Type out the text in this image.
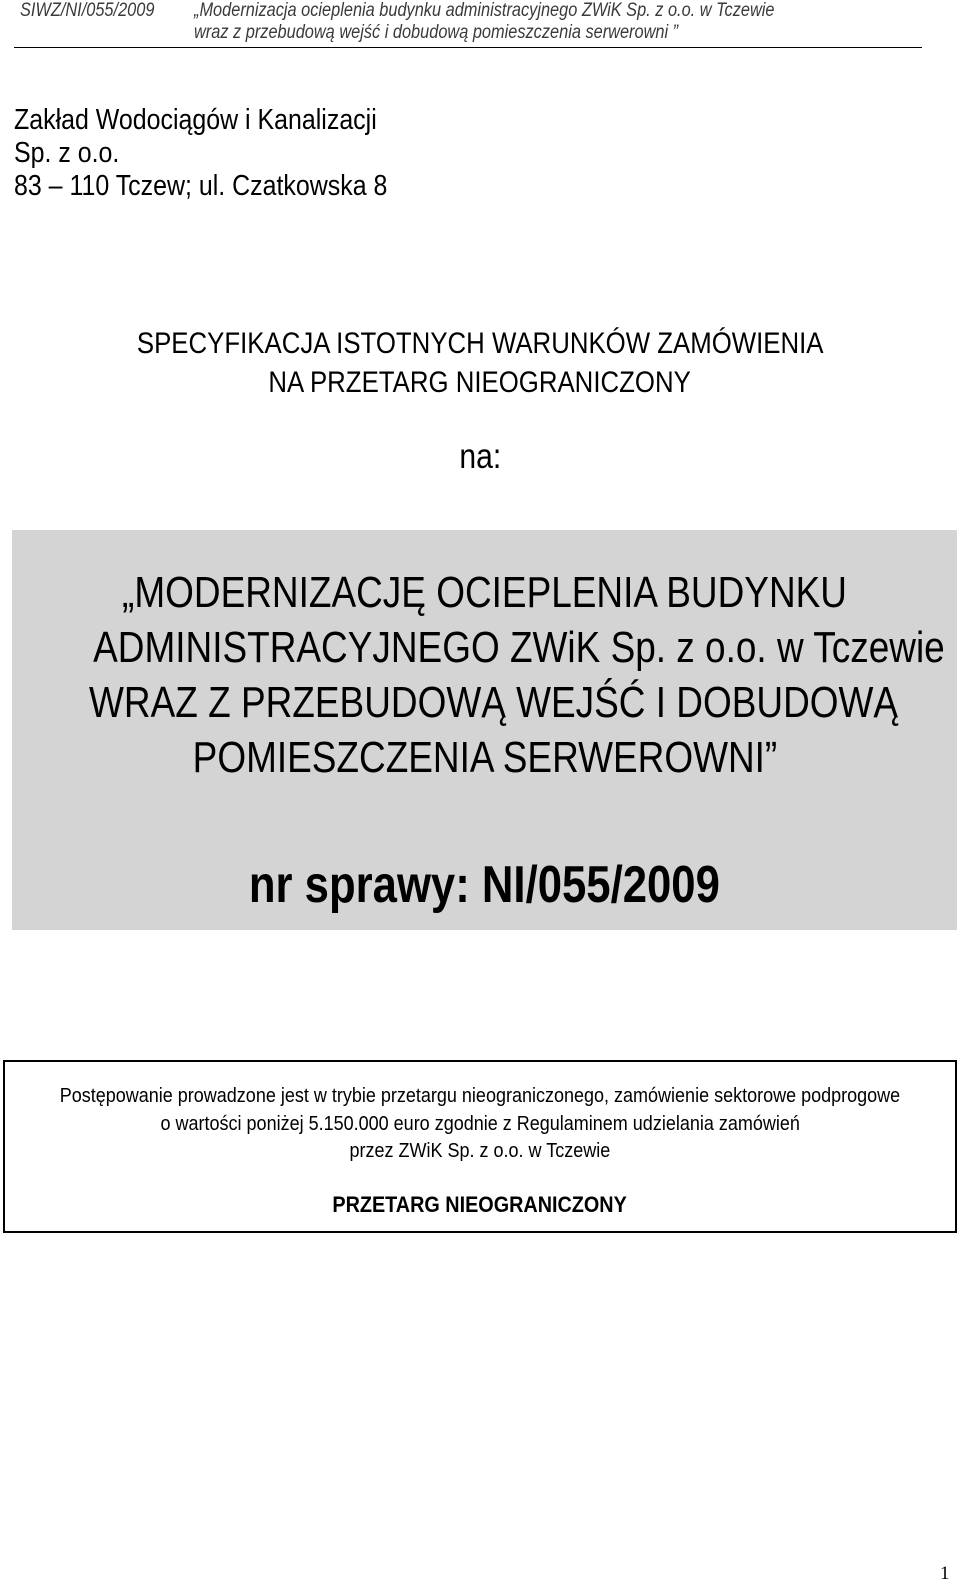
SIWZ/NI/055/2009 „Modernizacja ocieplenia budynku administracyjnego ZWiK Sp. z o.o. w Tczewie
wraz z przebudową wejść i dobudową pomieszczenia serwerowni ”
Zakład Wodociągów i Kanalizacji
Sp. z o.o.
83 – 110 Tczew; ul. Czatkowska 8
SPECYFIKACJA ISTOTNYCH WARUNKÓW ZAMÓWIENIA
NA PRZETARG NIEOGRANICZONY
na:
„MODERNIZACJĘ OCIEPLENIA BUDYNKU
ADMINISTRACYJNEGO ZWiK Sp. z o.o. w Tczewie
WRAZ Z PRZEBUDOWĄ WEJŚĆ I DOBUDOWĄ
POMIESZCZENIA SERWEROWNI”
nr sprawy: NI/055/2009
Postępowanie prowadzone jest w trybie przetargu nieograniczonego, zamówienie sektorowe podprogowe
o wartości poniżej 5.150.000 euro zgodnie z Regulaminem udzielania zamówień
przez ZWiK Sp. z o.o. w Tczewie
PRZETARG NIEOGRANICZONY
1
